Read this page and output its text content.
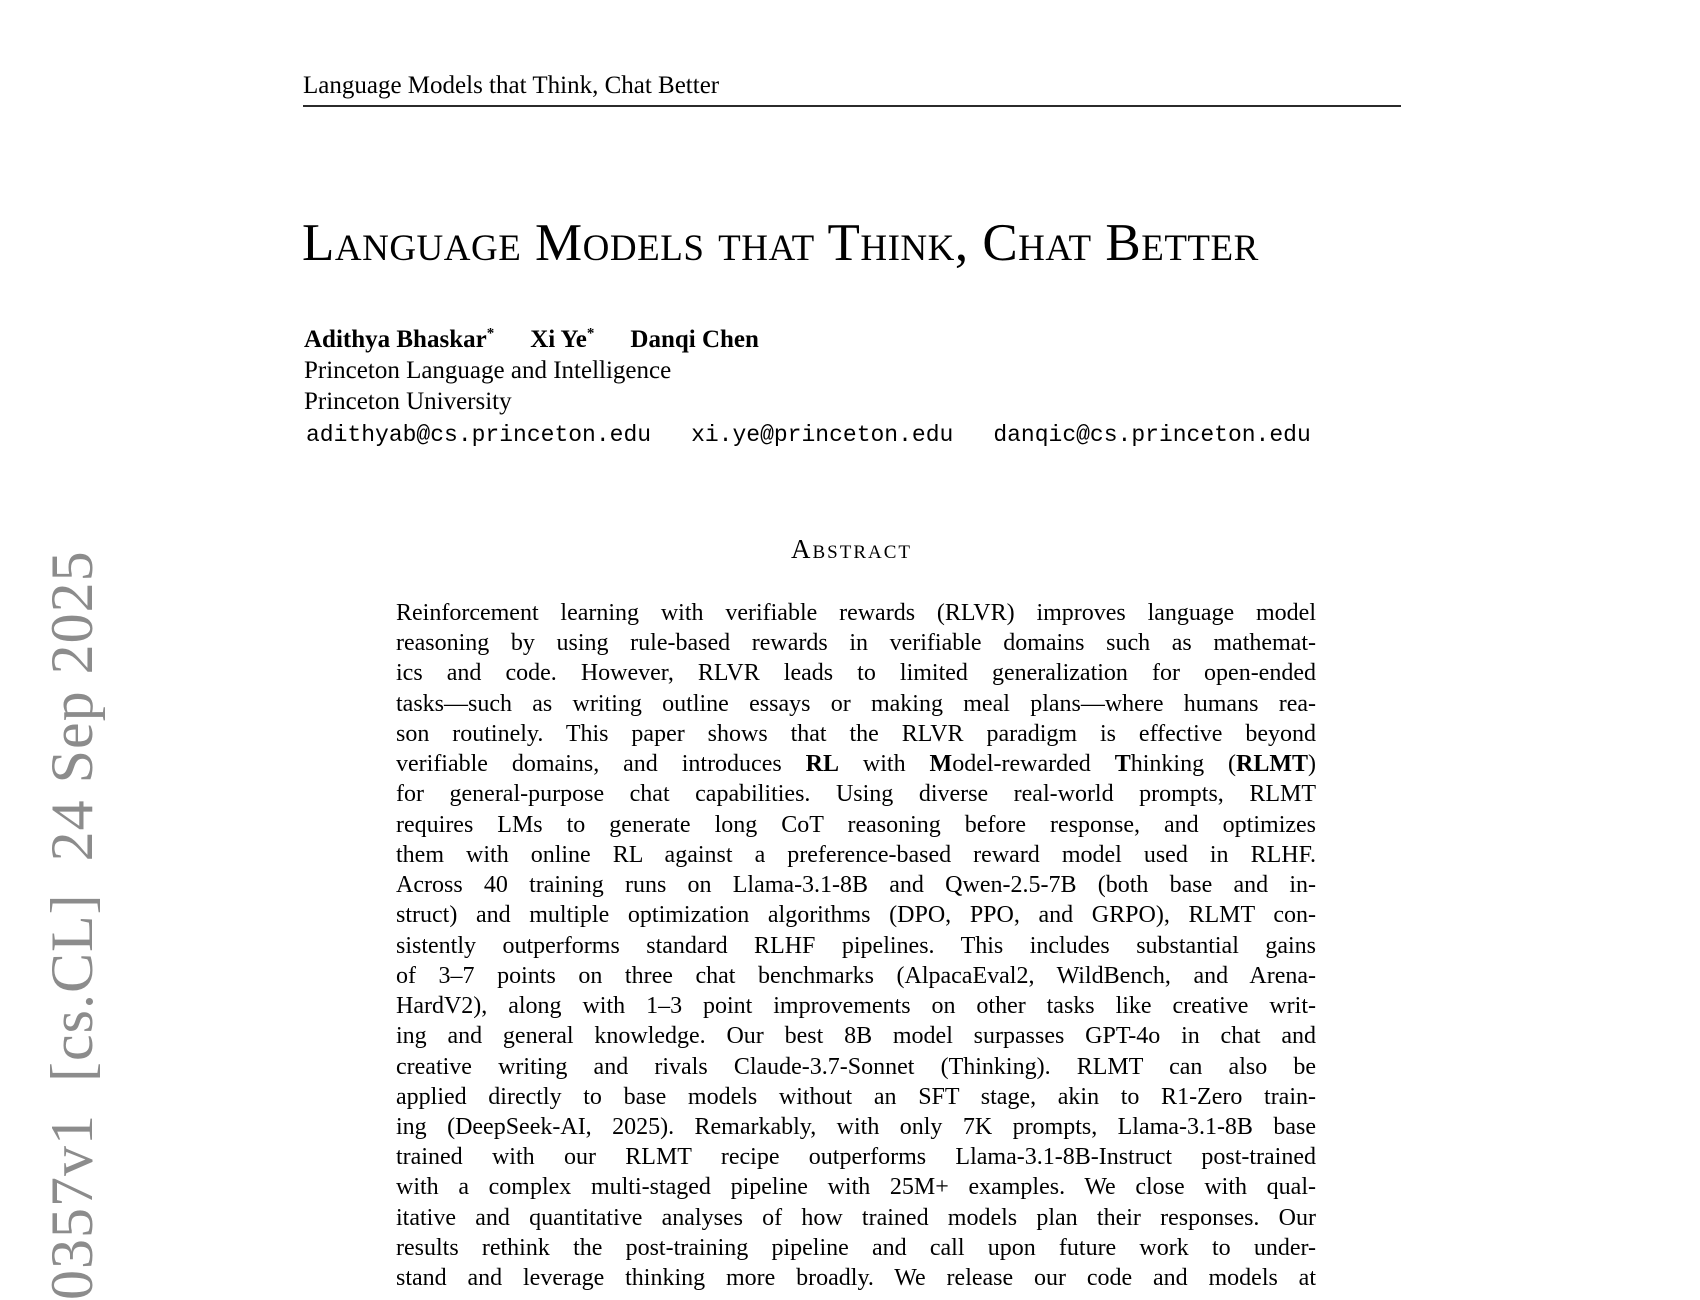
0357v1  [cs.CL]  24 Sep 2025
Language Models that Think, Chat Better
Language Models that Think, Chat Better
Adithya Bhaskar* Xi Ye* Danqi Chen
Princeton Language and Intelligence
Princeton University
adithyab@cs.princeton.edu xi.ye@princeton.edu danqic@cs.princeton.edu
Abstract
Reinforcement learning with verifiable rewards (RLVR) improves language model
reasoning by using rule-based rewards in verifiable domains such as mathemat-
ics and code. However, RLVR leads to limited generalization for open-ended
tasks—such as writing outline essays or making meal plans—where humans rea-
son routinely. This paper shows that the RLVR paradigm is effective beyond
verifiable domains, and introduces RL with Model-rewarded Thinking (RLMT)
for general-purpose chat capabilities. Using diverse real-world prompts, RLMT
requires LMs to generate long CoT reasoning before response, and optimizes
them with online RL against a preference-based reward model used in RLHF.
Across 40 training runs on Llama-3.1-8B and Qwen-2.5-7B (both base and in-
struct) and multiple optimization algorithms (DPO, PPO, and GRPO), RLMT con-
sistently outperforms standard RLHF pipelines. This includes substantial gains
of 3–7 points on three chat benchmarks (AlpacaEval2, WildBench, and Arena-
HardV2), along with 1–3 point improvements on other tasks like creative writ-
ing and general knowledge. Our best 8B model surpasses GPT-4o in chat and
creative writing and rivals Claude-3.7-Sonnet (Thinking). RLMT can also be
applied directly to base models without an SFT stage, akin to R1-Zero train-
ing (DeepSeek-AI, 2025). Remarkably, with only 7K prompts, Llama-3.1-8B base
trained with our RLMT recipe outperforms Llama-3.1-8B-Instruct post-trained
with a complex multi-staged pipeline with 25M+ examples. We close with qual-
itative and quantitative analyses of how trained models plan their responses. Our
results rethink the post-training pipeline and call upon future work to under-
stand and leverage thinking more broadly. We release our code and models at
